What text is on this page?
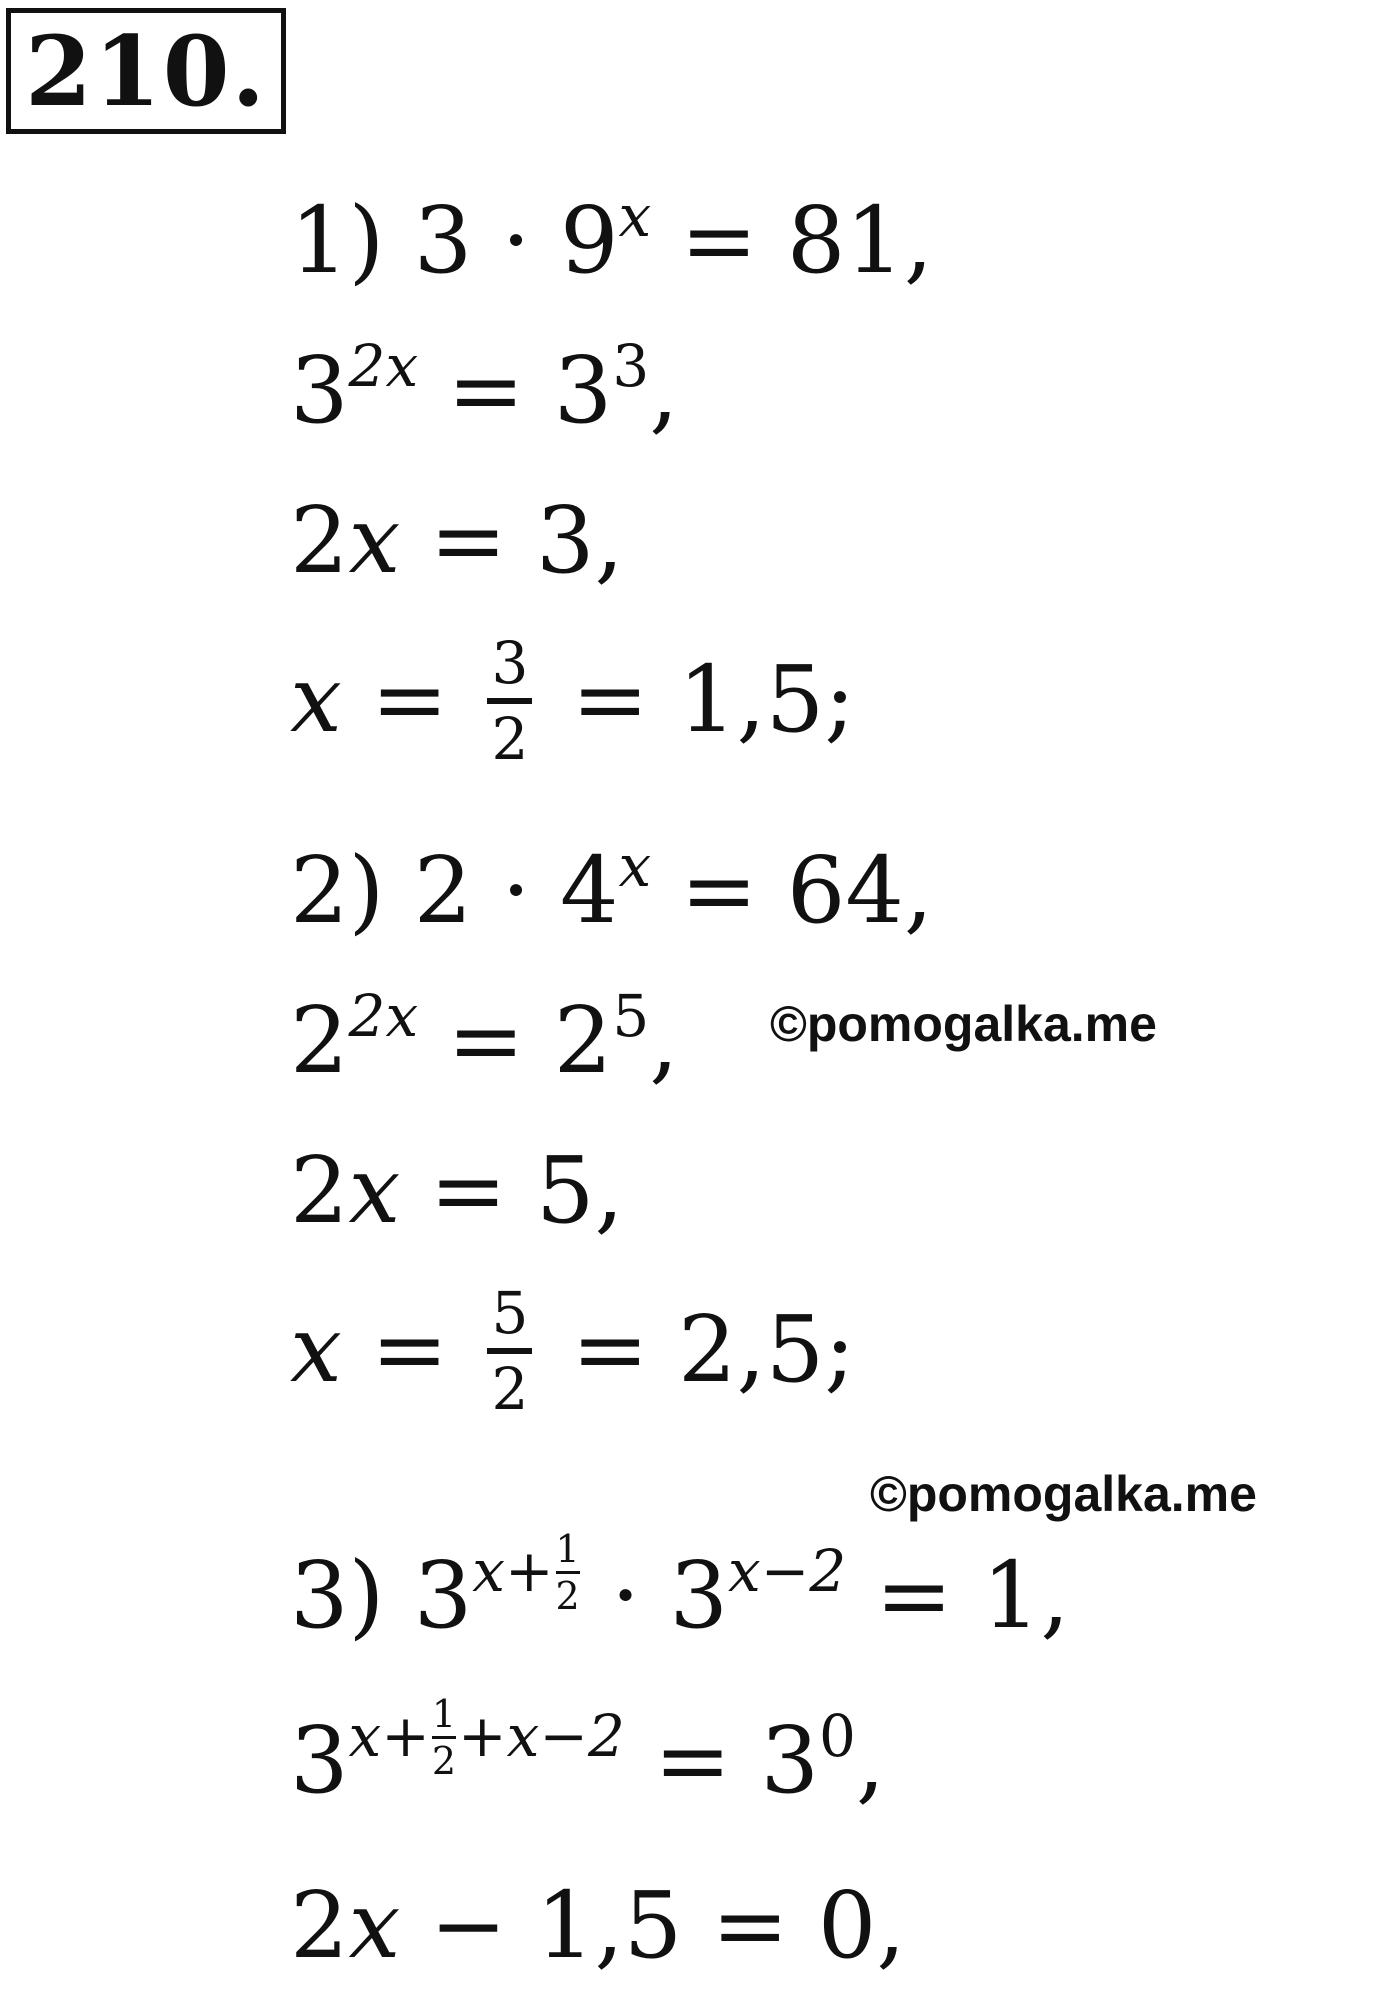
210.
1) $3 \cdot 9^x = 81$,
$3^{2x} = 3^3$,
2x = 3,
$x = \frac{3}{2} = 1,5$;
2) $2 \cdot 4^x = 64$,
$2^{2x} = 2^5$, ©pomogalka.me
2x = 5,
$x = \frac{5}{2} = 2,5$;
©pomogalka.me
3) $3^{x+ \frac{1}{2}} \cdot 3^{x-2} = 1$,
$3^{x+ \frac{1}{2} +x-2} = 3^0$,
2x − 1,5 = 0,
